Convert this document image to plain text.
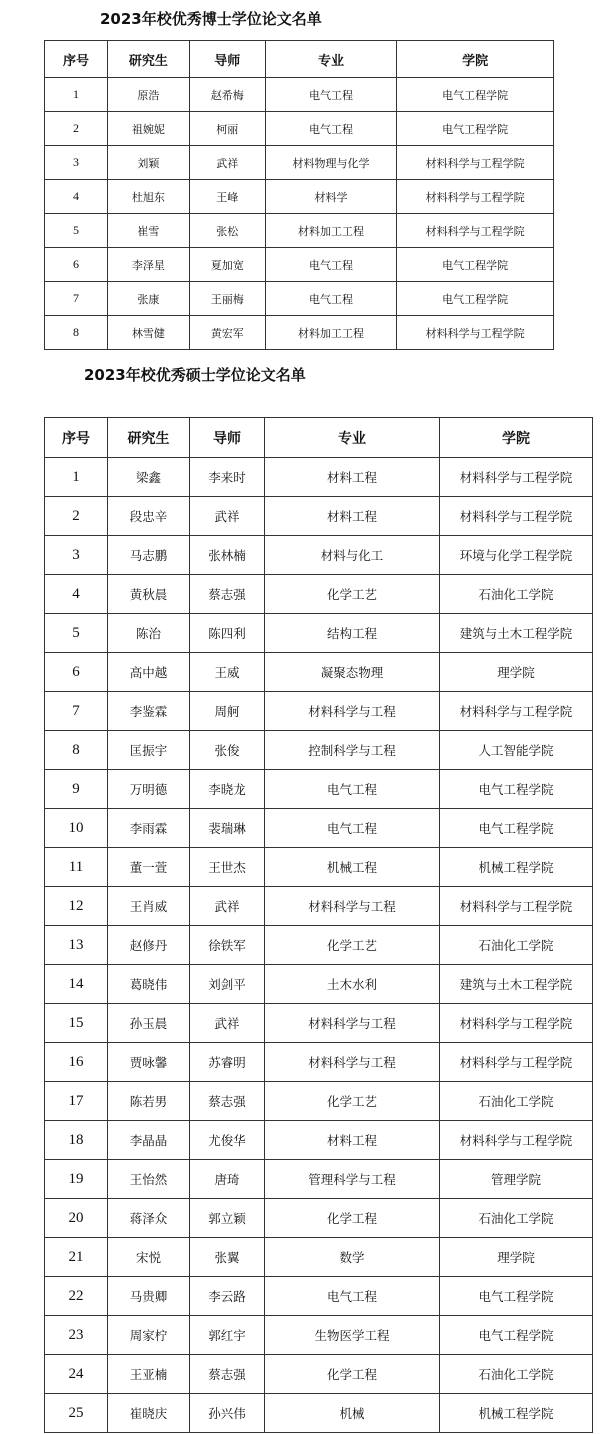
2023年校优秀博士学位论文名单
序号	研究生	导师	专业	学院
1	原浩	赵希梅	电气工程	电气工程学院
2	祖婉妮	柯丽	电气工程	电气工程学院
3	刘颖	武祥	材料物理与化学	材料科学与工程学院
4	杜旭东	王峰	材料学	材料科学与工程学院
5	崔雪	张松	材料加工工程	材料科学与工程学院
6	李泽星	夏加宽	电气工程	电气工程学院
7	张康	王丽梅	电气工程	电气工程学院
8	林雪健	黄宏军	材料加工工程	材料科学与工程学院
2023年校优秀硕士学位论文名单
序号	研究生	导师	专业	学院
1	梁鑫	李来时	材料工程	材料科学与工程学院
2	段忠辛	武祥	材料工程	材料科学与工程学院
3	马志鹏	张林楠	材料与化工	环境与化学工程学院
4	黄秋晨	蔡志强	化学工艺	石油化工学院
5	陈治	陈四利	结构工程	建筑与土木工程学院
6	高中越	王威	凝聚态物理	理学院
7	李鉴霖	周舸	材料科学与工程	材料科学与工程学院
8	匡振宇	张俊	控制科学与工程	人工智能学院
9	万明德	李晓龙	电气工程	电气工程学院
10	李雨霖	裴瑞琳	电气工程	电气工程学院
11	董一萱	王世杰	机械工程	机械工程学院
12	王肖威	武祥	材料科学与工程	材料科学与工程学院
13	赵修丹	徐铁军	化学工艺	石油化工学院
14	葛晓伟	刘剑平	土木水利	建筑与土木工程学院
15	孙玉晨	武祥	材料科学与工程	材料科学与工程学院
16	贾咏馨	苏睿明	材料科学与工程	材料科学与工程学院
17	陈若男	蔡志强	化学工艺	石油化工学院
18	李晶晶	尤俊华	材料工程	材料科学与工程学院
19	王怡然	唐琦	管理科学与工程	管理学院
20	蒋泽众	郭立颖	化学工程	石油化工学院
21	宋悦	张翼	数学	理学院
22	马贵卿	李云路	电气工程	电气工程学院
23	周家柠	郭红宇	生物医学工程	电气工程学院
24	王亚楠	蔡志强	化学工程	石油化工学院
25	崔晓庆	孙兴伟	机械	机械工程学院
